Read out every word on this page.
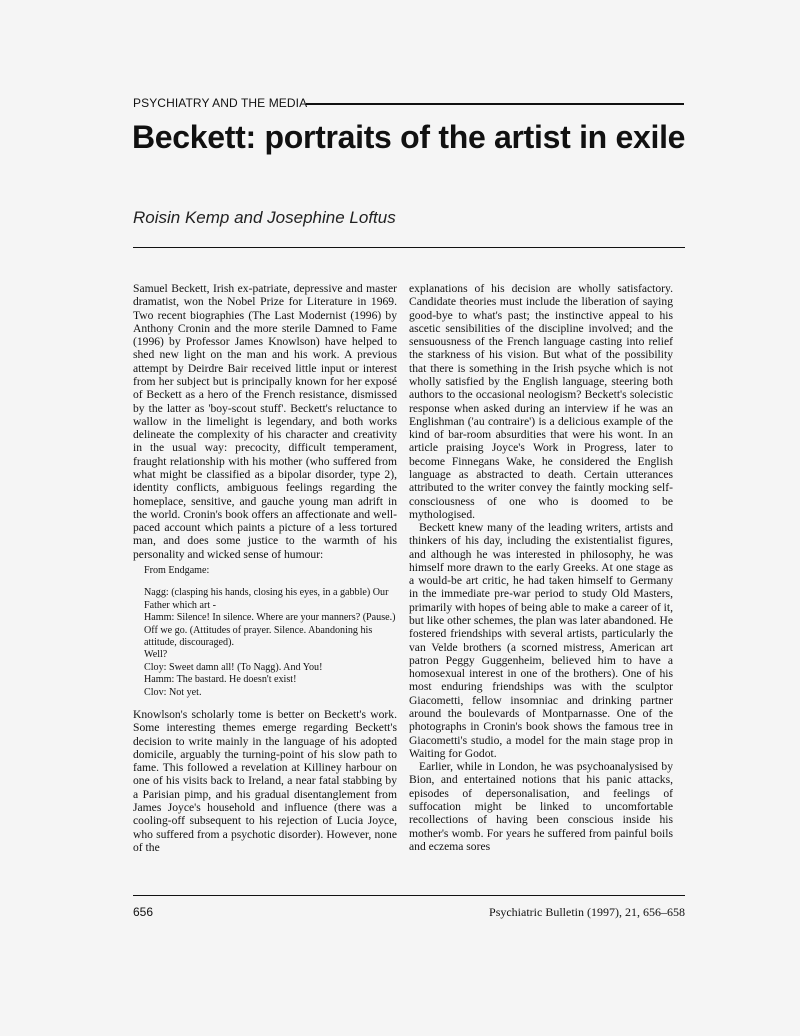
PSYCHIATRY AND THE MEDIA
Beckett: portraits of the artist in exile
Roisin Kemp and Josephine Loftus

Samuel Beckett, Irish ex-patriate, depressive and master dramatist, won the Nobel Prize for Literature in 1969. Two recent biographies (The Last Modernist (1996) by Anthony Cronin and the more sterile Damned to Fame (1996) by Professor James Knowlson) have helped to shed new light on the man and his work. A previous attempt by Deirdre Bair received little input or interest from her subject but is principally known for her exposé of Beckett as a hero of the French resistance, dismissed by the latter as 'boy-scout stuff'. Beckett's reluctance to wallow in the limelight is legendary, and both works delineate the complexity of his character and creativity in the usual way: precocity, difficult temperament, fraught relationship with his mother (who suffered from what might be classified as a bipolar disorder, type 2), identity conflicts, ambiguous feelings regarding the homeplace, sensitive, and gauche young man adrift in the world. Cronin's book offers an affectionate and well-paced account which paints a picture of a less tortured man, and does some justice to the warmth of his personality and wicked sense of humour:

From Endgame:

Nagg: (clasping his hands, closing his eyes, in a gabble) Our Father which art -
Hamm: Silence! In silence. Where are your manners? (Pause.) Off we go. (Attitudes of prayer. Silence. Abandoning his attitude, discouraged).
Well?
Cloy: Sweet damn all! (To Nagg). And You!
Hamm: The bastard. He doesn't exist!
Clov: Not yet.

Knowlson's scholarly tome is better on Beckett's work. Some interesting themes emerge regarding Beckett's decision to write mainly in the language of his adopted domicile, arguably the turning-point of his slow path to fame. This followed a revelation at Killiney harbour on one of his visits back to Ireland, a near fatal stabbing by a Parisian pimp, and his gradual disentanglement from James Joyce's household and influence (there was a cooling-off subsequent to his rejection of Lucia Joyce, who suffered from a psychotic disorder). However, none of the

explanations of his decision are wholly satisfactory. Candidate theories must include the liberation of saying good-bye to what's past; the instinctive appeal to his ascetic sensibilities of the discipline involved; and the sensuousness of the French language casting into relief the starkness of his vision. But what of the possibility that there is something in the Irish psyche which is not wholly satisfied by the English language, steering both authors to the occasional neologism? Beckett's solecistic response when asked during an interview if he was an Englishman ('au contraire') is a delicious example of the kind of bar-room absurdities that were his wont. In an article praising Joyce's Work in Progress, later to become Finnegans Wake, he considered the English language as abstracted to death. Certain utterances attributed to the writer convey the faintly mocking self-consciousness of one who is doomed to be mythologised.

Beckett knew many of the leading writers, artists and thinkers of his day, including the existentialist figures, and although he was interested in philosophy, he was himself more drawn to the early Greeks. At one stage as a would-be art critic, he had taken himself to Germany in the immediate pre-war period to study Old Masters, primarily with hopes of being able to make a career of it, but like other schemes, the plan was later abandoned. He fostered friendships with several artists, particularly the van Velde brothers (a scorned mistress, American art patron Peggy Guggenheim, believed him to have a homosexual interest in one of the brothers). One of his most enduring friendships was with the sculptor Giacometti, fellow insomniac and drinking partner around the boulevards of Montparnasse. One of the photographs in Cronin's book shows the famous tree in Giacometti's studio, a model for the main stage prop in Waiting for Godot.

Earlier, while in London, he was psychoanalysised by Bion, and entertained notions that his panic attacks, episodes of depersonalisation, and feelings of suffocation might be linked to uncomfortable recollections of having been conscious inside his mother's womb. For years he suffered from painful boils and eczema sores

656	Psychiatric Bulletin (1997), 21, 656–658
